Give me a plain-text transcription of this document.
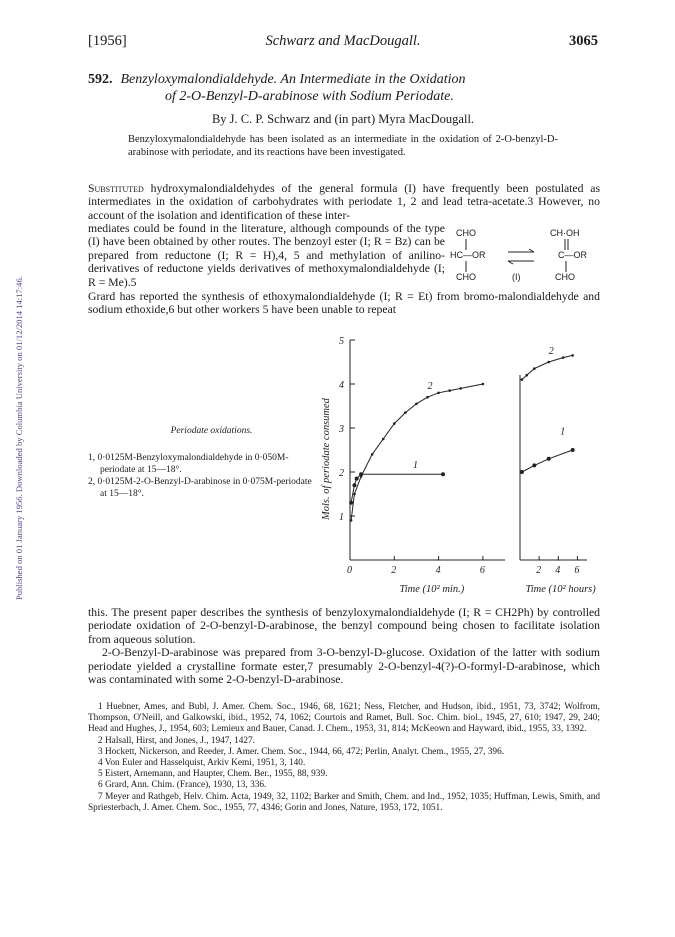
Published on 01 January 1956. Downloaded by Columbia University on 01/12/2014 14:17:46.
[1956]	Schwarz and MacDougall.	3065
592. Benzyloxymalondialdehyde. An Intermediate in the Oxidation
of 2-O-Benzyl-D-arabinose with Sodium Periodate.
By J. C. P. Schwarz and (in part) Myra MacDougall.
Benzyloxymalondialdehyde has been isolated as an intermediate in the oxidation of 2-O-benzyl-D-arabinose with periodate, and its reactions have been investigated.
Substituted hydroxymalondialdehydes of the general formula (I) have frequently been postulated as intermediates in the oxidation of carbohydrates with periodate 1, 2 and lead tetra-acetate.3 However, no account of the isolation and identification of these inter-
mediates could be found in the literature, although compounds of the type (I) have been obtained by other routes. The benzoyl ester (I; R = Bz) can be prepared from reductone (I; R = H),4, 5 and methylation of anilino-derivatives of reductone yields derivatives of methoxymalondialdehyde (I; R = Me).5
Grard has reported the synthesis of ethoxymalondialdehyde (I; R = Et) from bromo-malondialdehyde and sodium ethoxide,6 but other workers 5 have been unable to repeat
CHO
HC—OR
CHO	(I)
CH·OH
C—OR
CHO
Periodate oxidations.
1, 0·0125M-Benzyloxymalondialdehyde in 0·050M-periodate at 15—18°.
2, 0·0125M-2-O-Benzyl-D-arabinose in 0·075M-periodate at 15—18°.
1
2
3
4
5
Mols. of periodate consumed
0	2	4	6
Time (10² min.)
1
2
2 4 6
Time (10² hours)
1
2

this. The present paper describes the synthesis of benzyloxymalondialdehyde (I; R = CH2Ph) by controlled periodate oxidation of 2-O-benzyl-D-arabinose, the benzyl compound being chosen to facilitate isolation from aqueous solution.

2-O-Benzyl-D-arabinose was prepared from 3-O-benzyl-D-glucose. Oxidation of the latter with sodium periodate yielded a crystalline formate ester,7 presumably 2-O-benzyl-4(?)-O-formyl-D-arabinose, which was contaminated with some 2-O-benzyl-D-arabinose.

1 Huebner, Ames, and Bubl, J. Amer. Chem. Soc., 1946, 68, 1621; Ness, Fletcher, and Hudson, ibid., 1951, 73, 3742; Wolfrom, Thompson, O'Neill, and Galkowski, ibid., 1952, 74, 1062; Courtois and Ramet, Bull. Soc. Chim. biol., 1945, 27, 610; 1947, 29, 240; Head and Hughes, J., 1954, 603; Lemieux and Bauer, Canad. J. Chem., 1953, 31, 814; McKeown and Hayward, ibid., 1955, 33, 1392.

2 Halsall, Hirst, and Jones, J., 1947, 1427.

3 Hockett, Nickerson, and Reeder, J. Amer. Chem. Soc., 1944, 66, 472; Perlin, Analyt. Chem., 1955, 27, 396.

4 Von Euler and Hasselquist, Arkiv Kemi, 1951, 3, 140.

5 Eistert, Arnemann, and Haupter, Chem. Ber., 1955, 88, 939.

6 Grard, Ann. Chim. (France), 1930, 13, 336.

7 Meyer and Rathgeb, Helv. Chim. Acta, 1949, 32, 1102; Barker and Smith, Chem. and Ind., 1952, 1035; Huffman, Lewis, Smith, and Spriesterbach, J. Amer. Chem. Soc., 1955, 77, 4346; Gorin and Jones, Nature, 1953, 172, 1051.
